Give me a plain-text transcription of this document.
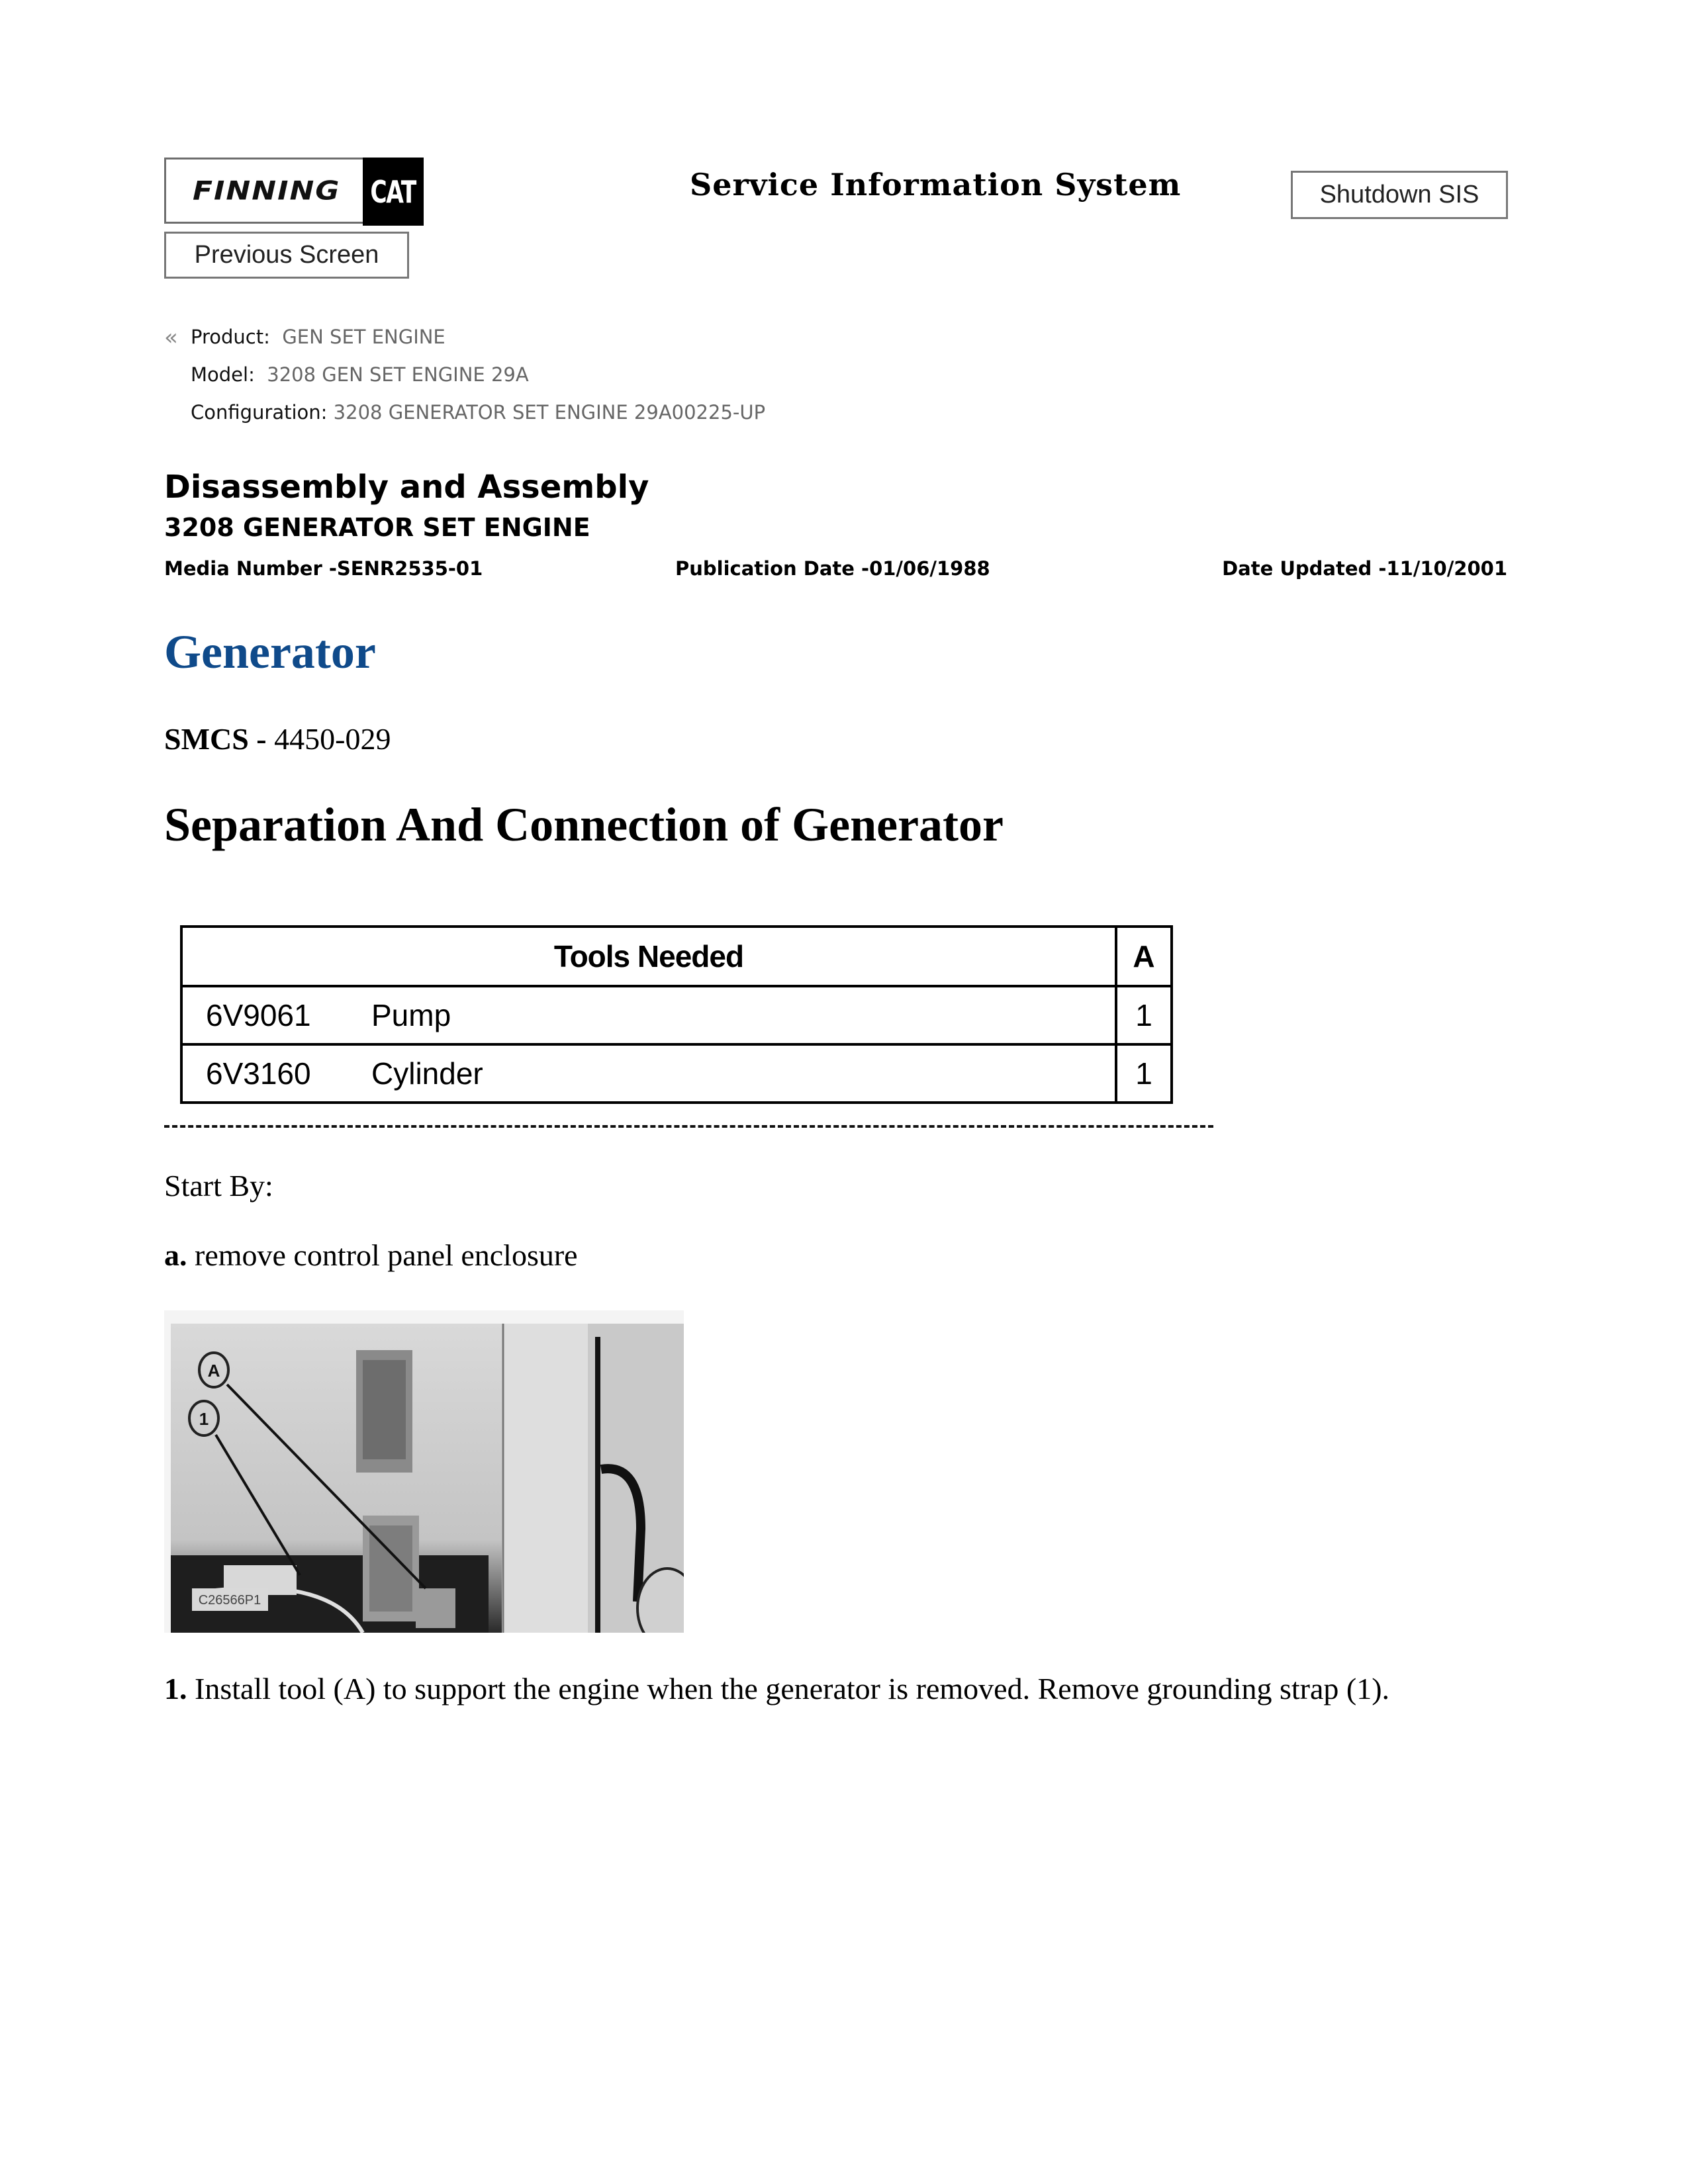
FINNING CAT	Service Information System	Shutdown SIS
Previous Screen
« Product: GEN SET ENGINE
Model: 3208 GEN SET ENGINE 29A
Configuration: 3208 GENERATOR SET ENGINE 29A00225-UP
Disassembly and Assembly
3208 GENERATOR SET ENGINE
Media Number -SENR2535-01	Publication Date -01/06/1988	Date Updated -11/10/2001
Generator
SMCS - 4450-029
Separation And Connection of Generator
Tools Needed	A
6V9061 Pump	1
6V3160 Cylinder	1
Start By:
a. remove control panel enclosure
A
1
C26566P1
1. Install tool (A) to support the engine when the generator is removed. Remove grounding strap (1).
